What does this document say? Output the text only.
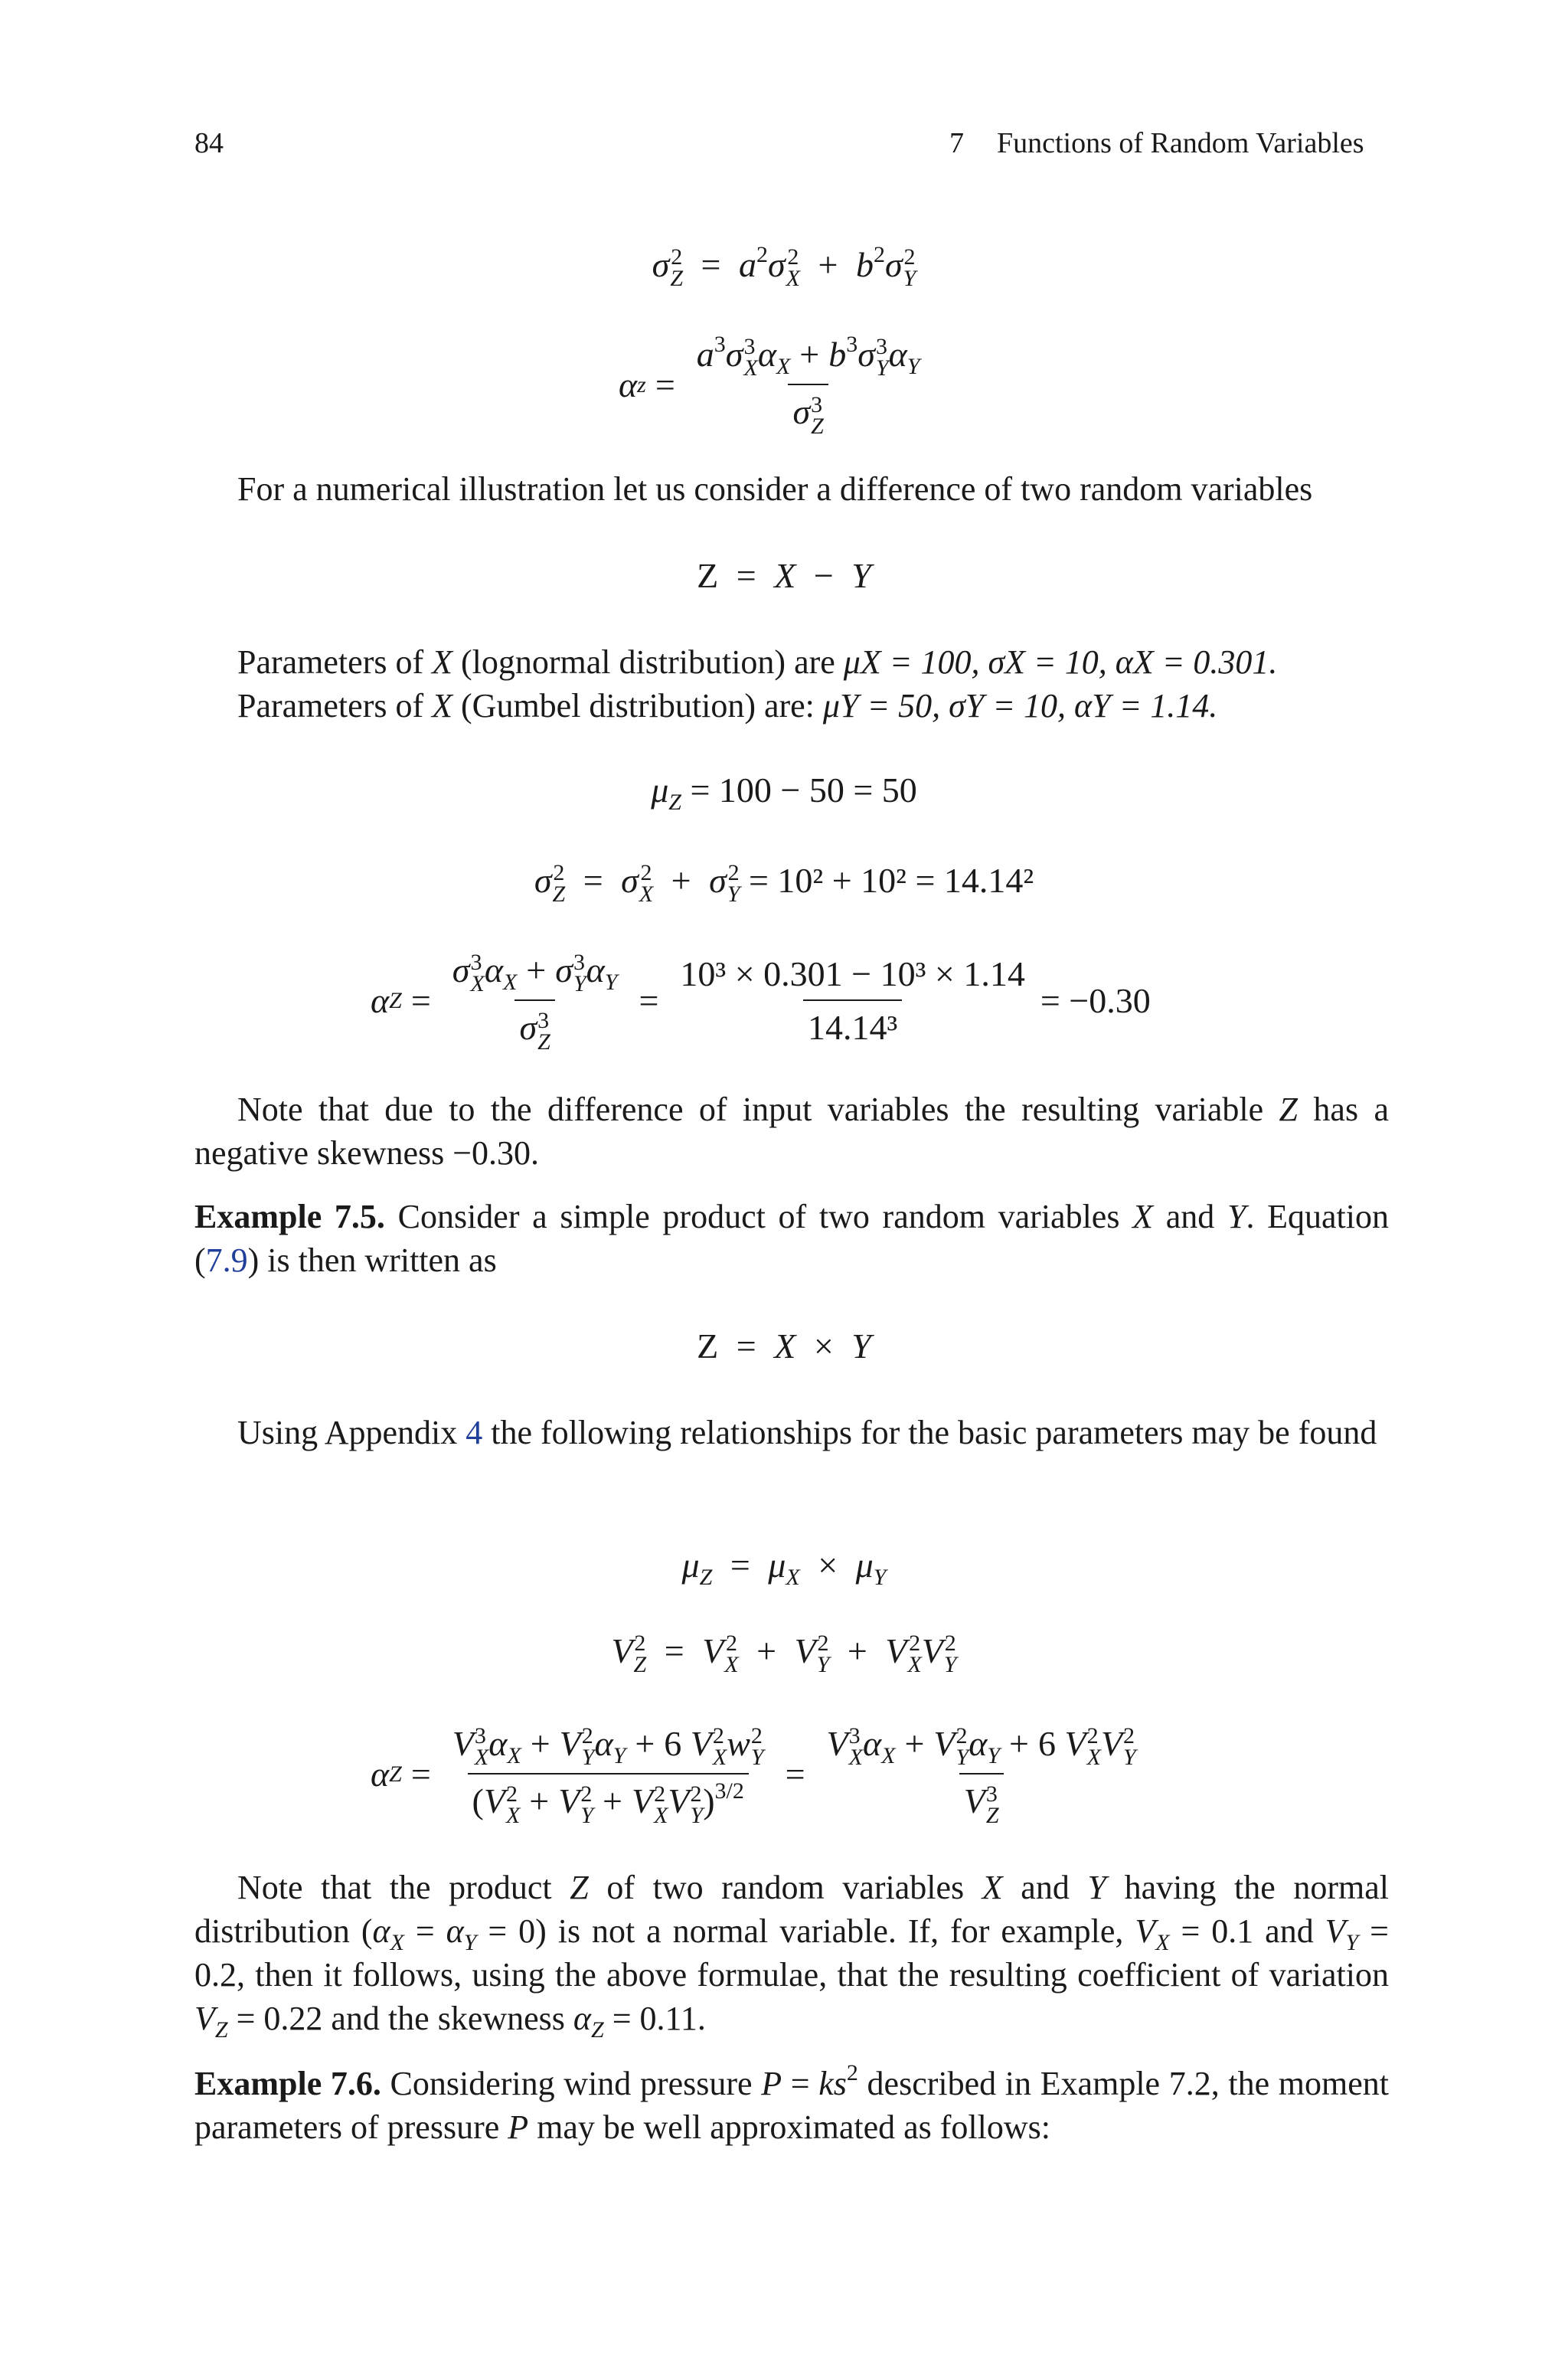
84	7 Functions of Random Variables
σ 2
$Z = a^2\sigma$ 2
$X + b^2\sigma$ 2
Y
α $z = a^3\sigma$ 3
X $\alpha_X + b^3\sigma$ 3
Y $\alpha_Y$
σ 3
Z
For a numerical illustration let us consider a difference of two random variables
Z = X − Y
Parameters of X (lognormal distribution) are μX = 100, σX = 10, αX = 0.301.
Parameters of X (Gumbel distribution) are: μY = 50, σY = 10, αY = 1.14.
$\mu_Z = 100 - 50 = 50$
σ 2
Z = σ 2
X + σ 2
Y = 10² + 10² = 14.14²
α Z = σ 3
X $\alpha_X + \sigma$ 3
Y $\alpha_Y$
σ 3
$Z = \frac{\text{10³ × 0.301 − 10³ × 1.14}}{\text{14.14³}} = -0.30$
Note that due to the difference of input variables the resulting variable Z has a negative skewness −0.30.
Example 7.5. Consider a simple product of two random variables X and Y. Equation (7.9) is then written as
Z = X × Y
Using Appendix 4 the following relationships for the basic parameters may be found
$\mu_Z = \mu_X \times \mu_Y$
V 2
Z = V 2
X + V 2
Y + V 2
X V 2
Y
α Z = V 3
X $\alpha_X + V$ 2
Y $\alpha_Y + 6$ V 2
X w 2
Y
(V 2
X + V 2
Y + V 2
X V 2
Y )$^{3/2}$ = V 3
X $\alpha_X + V$ 2
Y $\alpha_Y + 6$ V 2
X V 2
Y
V 3
Z
Note that the product Z of two random variables X and Y having the normal distribution $(\alpha_X = \alpha_Y = 0)$ is not a normal variable. If, for example, $V_X = 0.1$ and $V_Y = 0.2$, then it follows, using the above formulae, that the resulting coefficient of variation $V_Z = 0.22$ and the skewness $\alpha_Z = 0.11$.
Example 7.6. Considering wind pressure $P = ks^2$ described in Example 7.2, the moment parameters of pressure P may be well approximated as follows:
